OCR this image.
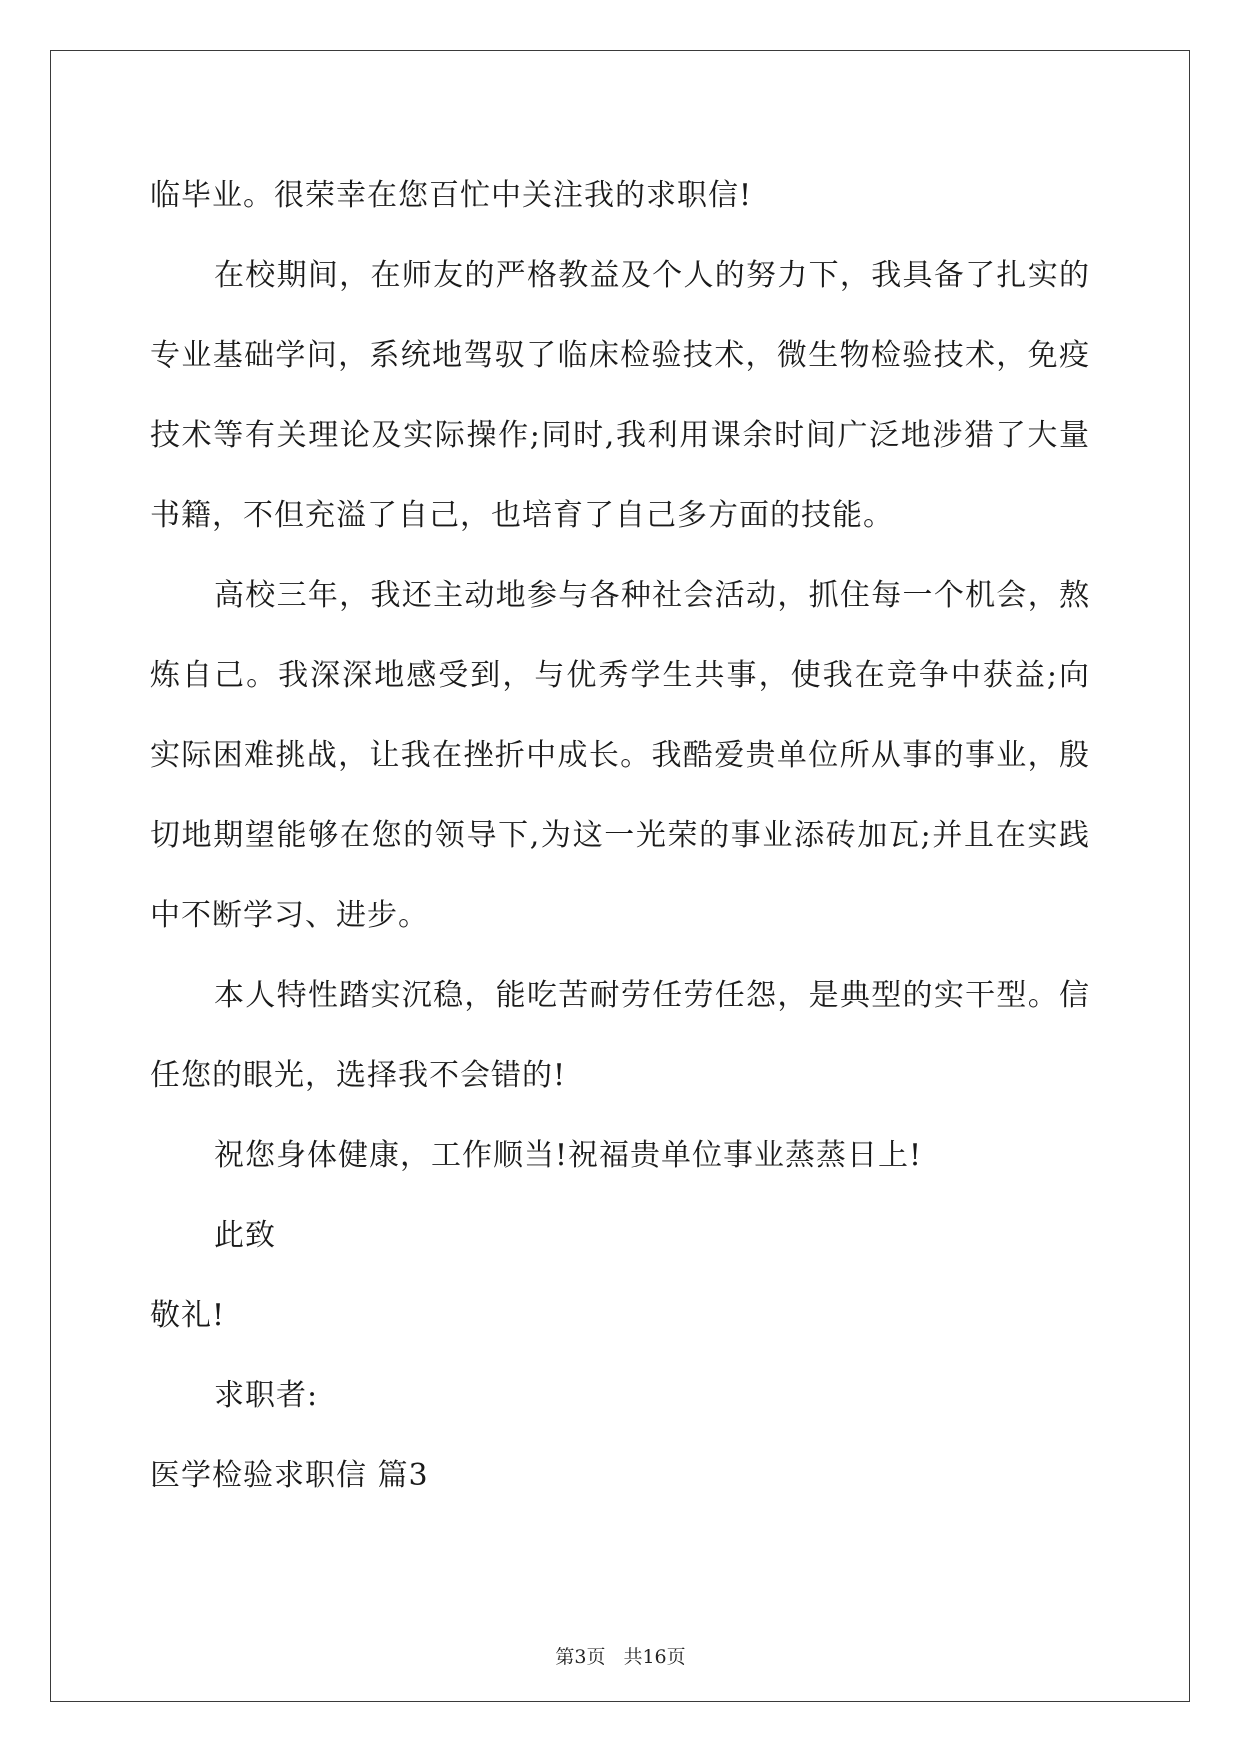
临毕业。很荣幸在您百忙中关注我的求职信!

在校期间，在师友的严格教益及个人的努力下，我具备了扎实的专业基础学问，系统地驾驭了临床检验技术，微生物检验技术，免疫技术等有关理论及实际操作;同时,我利用课余时间广泛地涉猎了大量书籍，不但充溢了自己，也培育了自己多方面的技能。

高校三年，我还主动地参与各种社会活动，抓住每一个机会，熬炼自己。我深深地感受到，与优秀学生共事，使我在竞争中获益;向实际困难挑战，让我在挫折中成长。我酷爱贵单位所从事的事业，殷切地期望能够在您的领导下,为这一光荣的事业添砖加瓦;并且在实践中不断学习、进步。

本人特性踏实沉稳，能吃苦耐劳任劳任怨，是典型的实干型。信任您的眼光，选择我不会错的!

祝您身体健康，工作顺当!祝福贵单位事业蒸蒸日上!

此致

敬礼!

求职者:

医学检验求职信 篇3

第3页 共16页
